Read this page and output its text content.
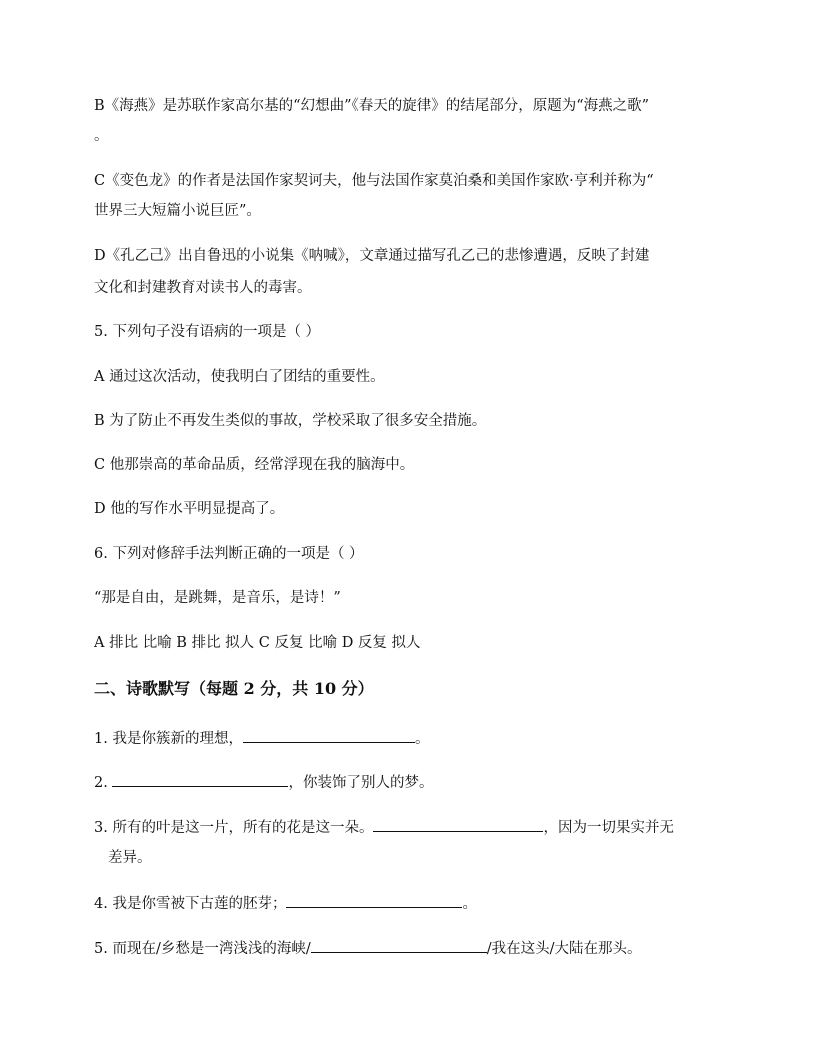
B《海燕》是苏联作家高尔基的“幻想曲”《春天的旋律》的结尾部分，原题为“海燕之歌”
。
C《变色龙》的作者是法国作家契诃夫，他与法国作家莫泊桑和美国作家欧·亨利并称为“
世界三大短篇小说巨匠”。
D《孔乙己》出自鲁迅的小说集《呐喊》，文章通过描写孔乙己的悲惨遭遇，反映了封建
文化和封建教育对读书人的毒害。
5. 下列句子没有语病的一项是（ ）
A 通过这次活动，使我明白了团结的重要性。
B 为了防止不再发生类似的事故，学校采取了很多安全措施。
C 他那崇高的革命品质，经常浮现在我的脑海中。
D 他的写作水平明显提高了。
6. 下列对修辞手法判断正确的一项是（ ）
“那是自由，是跳舞，是音乐，是诗！”
A 排比 比喻 B 排比 拟人 C 反复 比喻 D 反复 拟人
二、诗歌默写（每题 2 分，共 10 分）
1. 我是你簇新的理想，	。
2.	，你装饰了别人的梦。
3. 所有的叶是这一片，所有的花是这一朵。	，因为一切果实并无
差异。
4. 我是你雪被下古莲的胚芽；	。
5. 而现在/乡愁是一湾浅浅的海峡/	/我在这头/大陆在那头。
